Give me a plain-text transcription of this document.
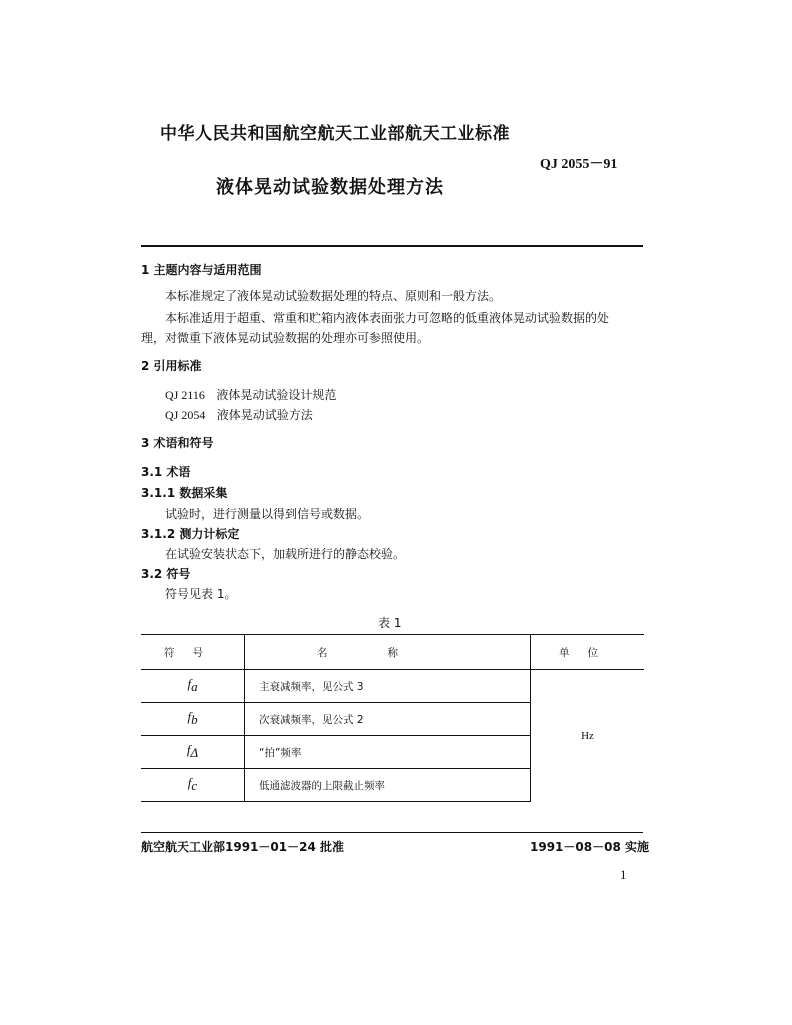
中华人民共和国航空航天工业部航天工业标准
QJ 2055－91
液体晃动试验数据处理方法
1 主题内容与适用范围
本标准规定了液体晃动试验数据处理的特点、原则和一般方法。
本标准适用于超重、常重和贮箱内液体表面张力可忽略的低重液体晃动试验数据的处
理，对微重下液体晃动试验数据的处理亦可参照使用。
2 引用标准
QJ 2116 液体晃动试验设计规范
QJ 2054 液体晃动试验方法
3 术语和符号
3.1 术语
3.1.1 数据采集
试验时，进行测量以得到信号或数据。
3.1.2 测力计标定
在试验安装状态下，加载所进行的静态校验。
3.2 符号
符号见表 1。
表 1
符号	名称	单位
$f_a$	主衰减频率，见公式 3	Hz
$f_b$	次衰减频率，见公式 2	
$f_\Delta$	“拍”频率	
$f_c$	低通滤波器的上限截止频率	
航空航天工业部1991－01－24 批准	1991－08－08 实施
1
